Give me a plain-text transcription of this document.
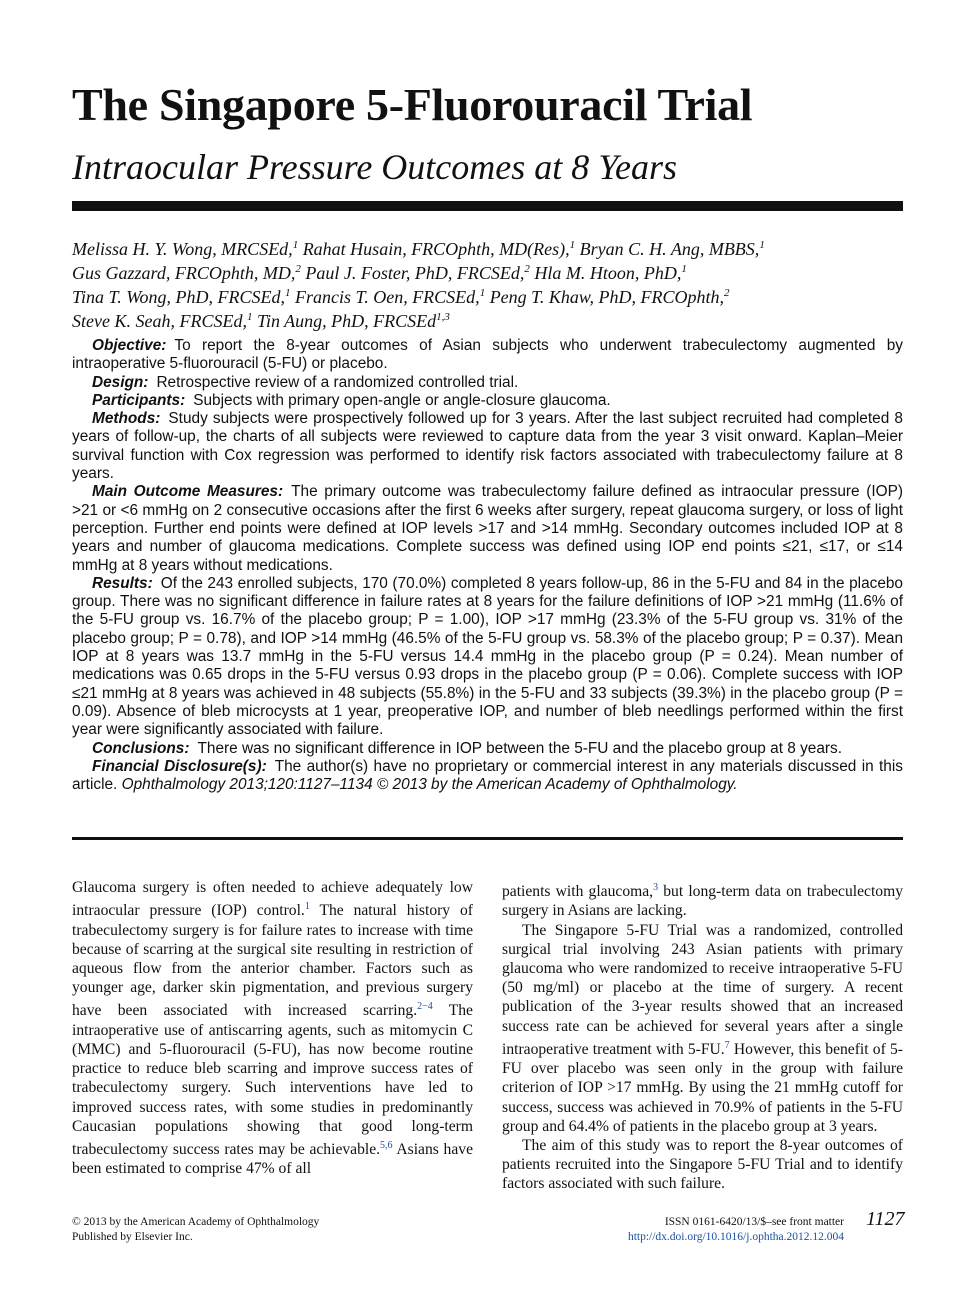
The Singapore 5-Fluorouracil Trial
Intraocular Pressure Outcomes at 8 Years
Melissa H. Y. Wong, MRCSEd,$^1$ Rahat Husain, FRCOphth, MD(Res),$^1$ Bryan C. H. Ang, MBBS,$^1$
Gus Gazzard, FRCOphth, MD,$^2$ Paul J. Foster, PhD, FRCSEd,$^2$ Hla M. Htoon, PhD,$^1$
Tina T. Wong, PhD, FRCSEd,$^1$ Francis T. Oen, FRCSEd,$^1$ Peng T. Khaw, PhD, FRCOphth,$^2$
Steve K. Seah, FRCSEd,$^1$ Tin Aung, PhD, FRCSEd$^{1,3}$

Objective: To report the 8-year outcomes of Asian subjects who underwent trabeculectomy augmented by intraoperative 5-fluorouracil (5-FU) or placebo.

Design: Retrospective review of a randomized controlled trial.

Participants: Subjects with primary open-angle or angle-closure glaucoma.

Methods: Study subjects were prospectively followed up for 3 years. After the last subject recruited had completed 8 years of follow-up, the charts of all subjects were reviewed to capture data from the year 3 visit onward. Kaplan–Meier survival function with Cox regression was performed to identify risk factors associated with trabeculectomy failure at 8 years.

Main Outcome Measures: The primary outcome was trabeculectomy failure defined as intraocular pressure (IOP) >21 or <6 mmHg on 2 consecutive occasions after the first 6 weeks after surgery, repeat glaucoma surgery, or loss of light perception. Further end points were defined at IOP levels >17 and >14 mmHg. Secondary outcomes included IOP at 8 years and number of glaucoma medications. Complete success was defined using IOP end points ≤21, ≤17, or ≤14 mmHg at 8 years without medications.

Results: Of the 243 enrolled subjects, 170 (70.0%) completed 8 years follow-up, 86 in the 5-FU and 84 in the placebo group. There was no significant difference in failure rates at 8 years for the failure definitions of IOP >21 mmHg (11.6% of the 5-FU group vs. 16.7% of the placebo group; P = 1.00), IOP >17 mmHg (23.3% of the 5-FU group vs. 31% of the placebo group; P = 0.78), and IOP >14 mmHg (46.5% of the 5-FU group vs. 58.3% of the placebo group; P = 0.37). Mean IOP at 8 years was 13.7 mmHg in the 5-FU versus 14.4 mmHg in the placebo group (P = 0.24). Mean number of medications was 0.65 drops in the 5-FU versus 0.93 drops in the placebo group (P = 0.06). Complete success with IOP ≤21 mmHg at 8 years was achieved in 48 subjects (55.8%) in the 5-FU and 33 subjects (39.3%) in the placebo group (P = 0.09). Absence of bleb microcysts at 1 year, preoperative IOP, and number of bleb needlings performed within the first year were significantly associated with failure.

Conclusions: There was no significant difference in IOP between the 5-FU and the placebo group at 8 years.

Financial Disclosure(s): The author(s) have no proprietary or commercial interest in any materials discussed in this article. Ophthalmology 2013;120:1127–1134 © 2013 by the American Academy of Ophthalmology.

Glaucoma surgery is often needed to achieve adequately low intraocular pressure (IOP) control.$^1$ The natural history of trabeculectomy surgery is for failure rates to increase with time because of scarring at the surgical site resulting in restriction of aqueous flow from the anterior chamber. Factors such as younger age, darker skin pigmentation, and previous surgery have been associated with increased scarring.$^{2-4}$ The intraoperative use of antiscarring agents, such as mitomycin C (MMC) and 5-fluorouracil (5-FU), has now become routine practice to reduce bleb scarring and improve success rates of trabeculectomy surgery. Such interventions have led to improved success rates, with some studies in predominantly Caucasian populations showing that good long-term trabeculectomy success rates may be achievable.$^{5,6}$ Asians have been estimated to comprise 47% of all

patients with glaucoma,$^3$ but long-term data on trabeculectomy surgery in Asians are lacking.

The Singapore 5-FU Trial was a randomized, controlled surgical trial involving 243 Asian patients with primary glaucoma who were randomized to receive intraoperative 5-FU (50 mg/ml) or placebo at the time of surgery. A recent publication of the 3-year results showed that an increased success rate can be achieved for several years after a single intraoperative treatment with 5-FU.$^7$ However, this benefit of 5-FU over placebo was seen only in the group with failure criterion of IOP >17 mmHg. By using the 21 mmHg cutoff for success, success was achieved in 70.9% of patients in the 5-FU group and 64.4% of patients in the placebo group at 3 years.

The aim of this study was to report the 8-year outcomes of patients recruited into the Singapore 5-FU Trial and to identify factors associated with such failure.

© 2013 by the American Academy of Ophthalmology
Published by Elsevier Inc.
ISSN 0161-6420/13/$–see front matter
http://dx.doi.org/10.1016/j.ophtha.2012.12.004
1127
